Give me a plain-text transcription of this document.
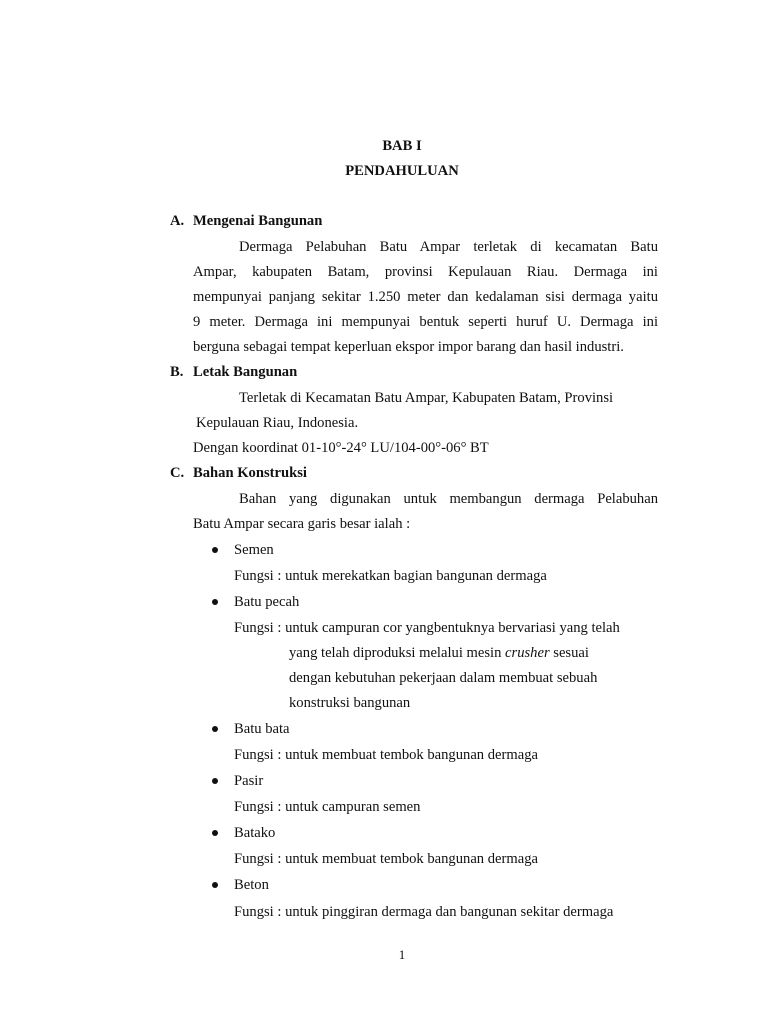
BAB I
PENDAHULUAN
A. Mengenai Bangunan
Dermaga Pelabuhan Batu Ampar terletak di kecamatan Batu
Ampar, kabupaten Batam, provinsi Kepulauan Riau. Dermaga ini
mempunyai panjang sekitar 1.250 meter dan kedalaman sisi dermaga yaitu
9 meter. Dermaga ini mempunyai bentuk seperti huruf U. Dermaga ini
berguna sebagai tempat keperluan ekspor impor barang dan hasil industri.
B. Letak Bangunan
Terletak di Kecamatan Batu Ampar, Kabupaten Batam, Provinsi
Kepulauan Riau, Indonesia.
Dengan koordinat 01-10°-24° LU/104-00°-06° BT
C. Bahan Konstruksi
Bahan yang digunakan untuk membangun dermaga Pelabuhan
Batu Ampar secara garis besar ialah :
Semen
Fungsi : untuk merekatkan bagian bangunan dermaga
Batu pecah
Fungsi : untuk campuran cor yangbentuknya bervariasi yang telah
yang telah diproduksi melalui mesin crusher sesuai
dengan kebutuhan pekerjaan dalam membuat sebuah
konstruksi bangunan
Batu bata
Fungsi : untuk membuat tembok bangunan dermaga
Pasir
Fungsi : untuk campuran semen
Batako
Fungsi : untuk membuat tembok bangunan dermaga
Beton
Fungsi : untuk pinggiran dermaga dan bangunan sekitar dermaga
1
